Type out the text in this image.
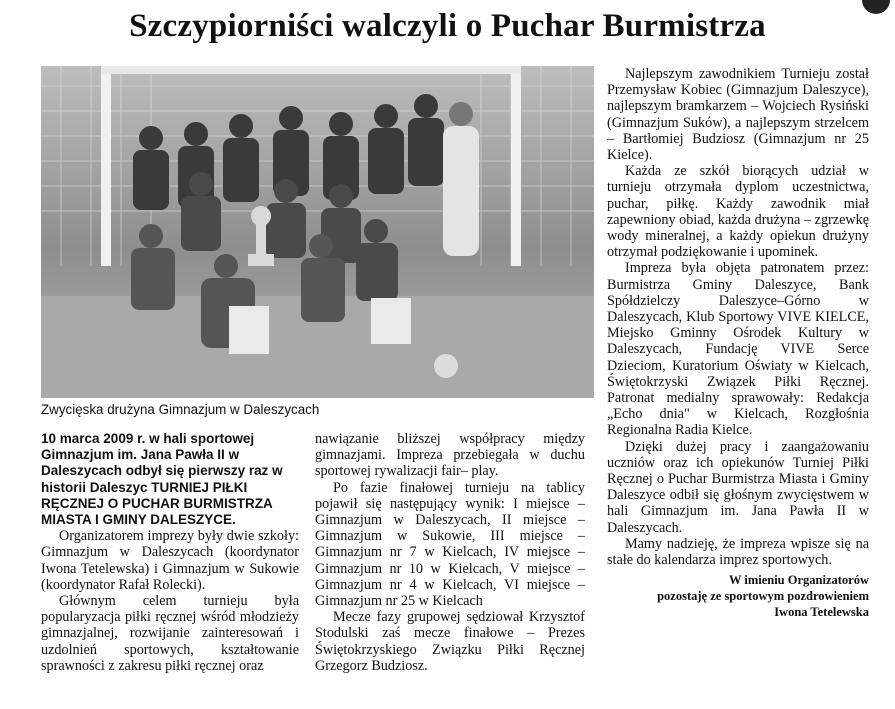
Szczypiorniści walczyli o Puchar Burmistrza
Zwycięska drużyna Gimnazjum w Daleszycach

10 marca 2009 r. w hali sportowej Gimnazjum im. Jana Pawła II w Daleszycach odbył się pierwszy raz w historii Daleszyc TURNIEJ PIŁKI RĘCZNEJ O PUCHAR BURMISTRZA MIASTA I GMINY DALESZYCE.

Organizatorem imprezy były dwie szkoły: Gimnazjum w Daleszycach (koordynator Iwona Tetelewska) i Gimnazjum w Sukowie (koordynator Rafał Rolecki).

Głównym celem turnieju była popularyzacja piłki ręcznej wśród młodzieży gimnazjalnej, rozwijanie zainteresowań i uzdolnień sportowych, kształtowanie sprawności z zakresu piłki ręcznej oraz

nawiązanie bliższej współpracy między gimnazjami. Impreza przebiegała w duchu sportowej rywalizacji fair– play.

Po fazie finałowej turnieju na tablicy pojawił się następujący wynik: I miejsce – Gimnazjum w Daleszycach, II miejsce – Gimnazjum w Sukowie, III miejsce – Gimnazjum nr 7 w Kielcach, IV miejsce – Gimnazjum nr 10 w Kielcach, V miejsce – Gimnazjum nr 4 w Kielcach, VI miejsce – Gimnazjum nr 25 w Kielcach

Mecze fazy grupowej sędziował Krzysztof Stodulski zaś mecze finałowe – Prezes Świętokrzyskiego Związku Piłki Ręcznej Grzegorz Budziosz.

Najlepszym zawodnikiem Turnieju został Przemysław Kobiec (Gimnazjum Daleszyce), najlepszym bramkarzem – Wojciech Rysiński (Gimnazjum Suków), a najlepszym strzelcem – Bartłomiej Budziosz (Gimnazjum nr 25 Kielce).

Każda ze szkół biorących udział w turnieju otrzymała dyplom uczestnictwa, puchar, piłkę. Każdy zawodnik miał zapewniony obiad, każda drużyna – zgrzewkę wody mineralnej, a każdy opiekun drużyny otrzymał podziękowanie i upominek.

Impreza była objęta patronatem przez: Burmistrza Gminy Daleszyce, Bank Spółdzielczy Daleszyce–Górno w Daleszycach, Klub Sportowy VIVE KIELCE, Miejsko Gminny Ośrodek Kultury w Daleszycach, Fundację VIVE Serce Dzieciom, Kuratorium Oświaty w Kielcach, Świętokrzyski Związek Piłki Ręcznej. Patronat medialny sprawowały: Redakcja „Echo dnia" w Kielcach, Rozgłośnia Regionalna Radia Kielce.

Dzięki dużej pracy i zaangażowaniu uczniów oraz ich opiekunów Turniej Piłki Ręcznej o Puchar Burmistrza Miasta i Gminy Daleszyce odbił się głośnym zwycięstwem w hali Gimnazjum im. Jana Pawła II w Daleszycach.

Mamy nadzieję, że impreza wpisze się na stałe do kalendarza imprez sportowych.

W imieniu Organizatorów
pozostaję ze sportowym pozdrowieniem
Iwona Tetelewska
